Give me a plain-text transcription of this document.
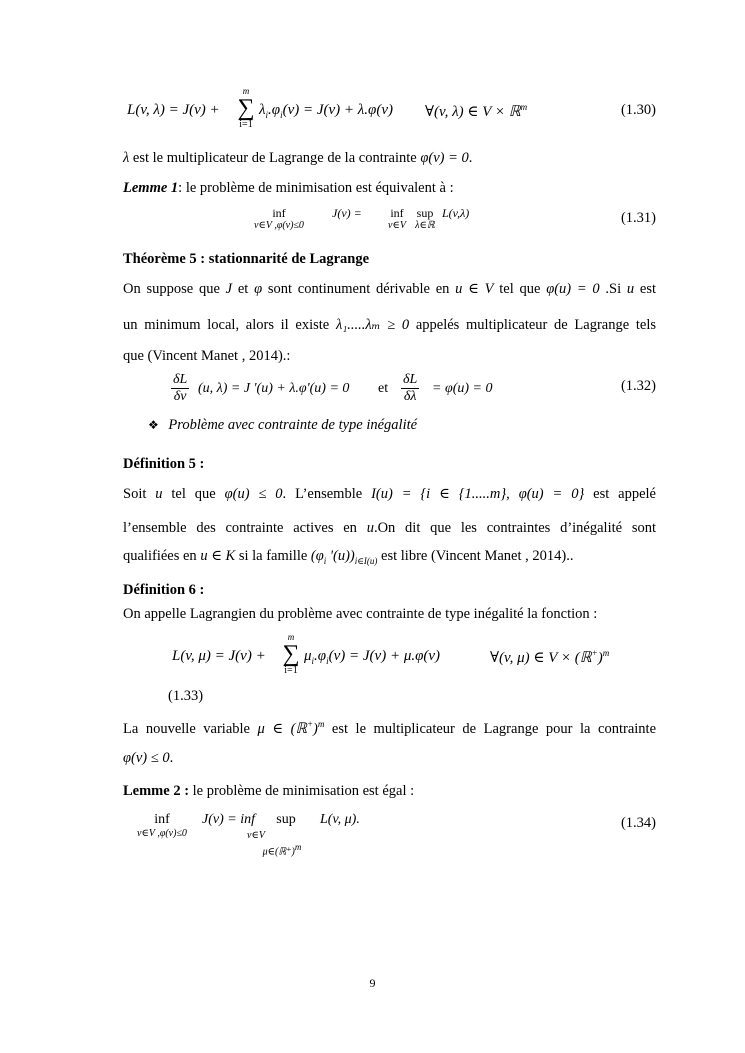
L(v, λ) = J(v) +
m
∑
i=1
$\lambda_i.\varphi_i(v) = J(v) + \lambda.\varphi(v)$ ∀(v, λ) ∈ V × ℝ$^m$	(1.30)
λ est le multiplicateur de Lagrange de la contrainte φ(v) = 0.
Lemme 1: le problème de minimisation est équivalent à :
inf
v∈V ,φ(v)≤0
J(v) =	inf
v∈V
sup
λ∈ℝ
L(v,λ)	(1.31)
Théorème 5 : stationnarité de Lagrange
On suppose que J et φ sont continument dérivable en u ∈ V tel que φ(u) = 0 .Si u est
un minimum local, alors il existe λ₁.....λₘ ≥ 0 appelés multiplicateur de Lagrange tels
que (Vincent Manet , 2014).:
$\frac{\delta L}{\delta v} (u$, λ) = J '(u) + λ.φ'(u) = 0 et $\frac{\delta L}{\delta\lambda} = \varphi(u) = 0$	(1.32)
❖ Problème avec contrainte de type inégalité
Définition 5 :
Soit u tel que φ(u) ≤ 0. L’ensemble I(u) = {i ∈ {1.....m}, φ(u) = 0} est appelé
l’ensemble des contrainte actives en u.On dit que les contraintes d’inégalité sont
qualifiées en u ∈ K si la famille ($\varphi_i$ '$(u))_{i\in I(u)}$ est libre (Vincent Manet , 2014)..
Définition 6 :
On appelle Lagrangien du problème avec contrainte de type inégalité la fonction :
L(v, μ) = J(v) +
m
∑
i=1
$\mu_i.\varphi_i(v) = J(v) + \mu.\varphi(v)$	∀(v, μ) ∈ V × (ℝ+)$^m$
(1.33)
La nouvelle variable μ ∈ (ℝ+)$^m$ est le multiplicateur de Lagrange pour la contrainte
φ(v) ≤ 0.
Lemme 2 : le problème de minimisation est égal :
inf
v∈V ,φ(v)≤0
J(v) = inf
v∈V
sup
μ∈(ℝ⁺)$^m$
L(v, μ).	(1.34)
9
